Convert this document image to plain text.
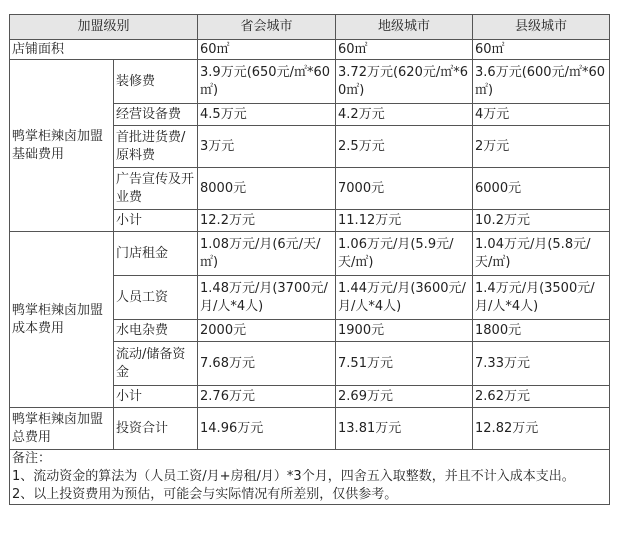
加盟级别		省会城市	地级城市	县级城市
店铺面积		60㎡	60㎡	60㎡
鸭掌柜辣卤加盟基础费用	装修费	3.9万元(650元/㎡*60㎡)	3.72万元(620元/㎡*60㎡)	3.6万元(600元/㎡*60㎡)
	经营设备费	4.5万元	4.2万元	4万元
	首批进货费/原料费	3万元	2.5万元	2万元
	广告宣传及开业费	8000元	7000元	6000元
	小计	12.2万元	11.12万元	10.2万元
鸭掌柜辣卤加盟成本费用	门店租金	1.08万元/月(6元/天/㎡)	1.06万元/月(5.9元/天/㎡)	1.04万元/月(5.8元/天/㎡)
	人员工资	1.48万元/月(3700元/月/人*4人)	1.44万元/月(3600元/月/人*4人)	1.4万元/月(3500元/月/人*4人)
	水电杂费	2000元	1900元	1800元
	流动/储备资金	7.68万元	7.51万元	7.33万元
	小计	2.76万元	2.69万元	2.62万元
鸭掌柜辣卤加盟总费用	投资合计	14.96万元	13.81万元	12.82万元

备注：
1、流动资金的算法为（人员工资/月+房租/月）*3个月，四舍五入取整数，并且不计入成本支出。
2、以上投资费用为预估，可能会与实际情况有所差别，仅供参考。				
